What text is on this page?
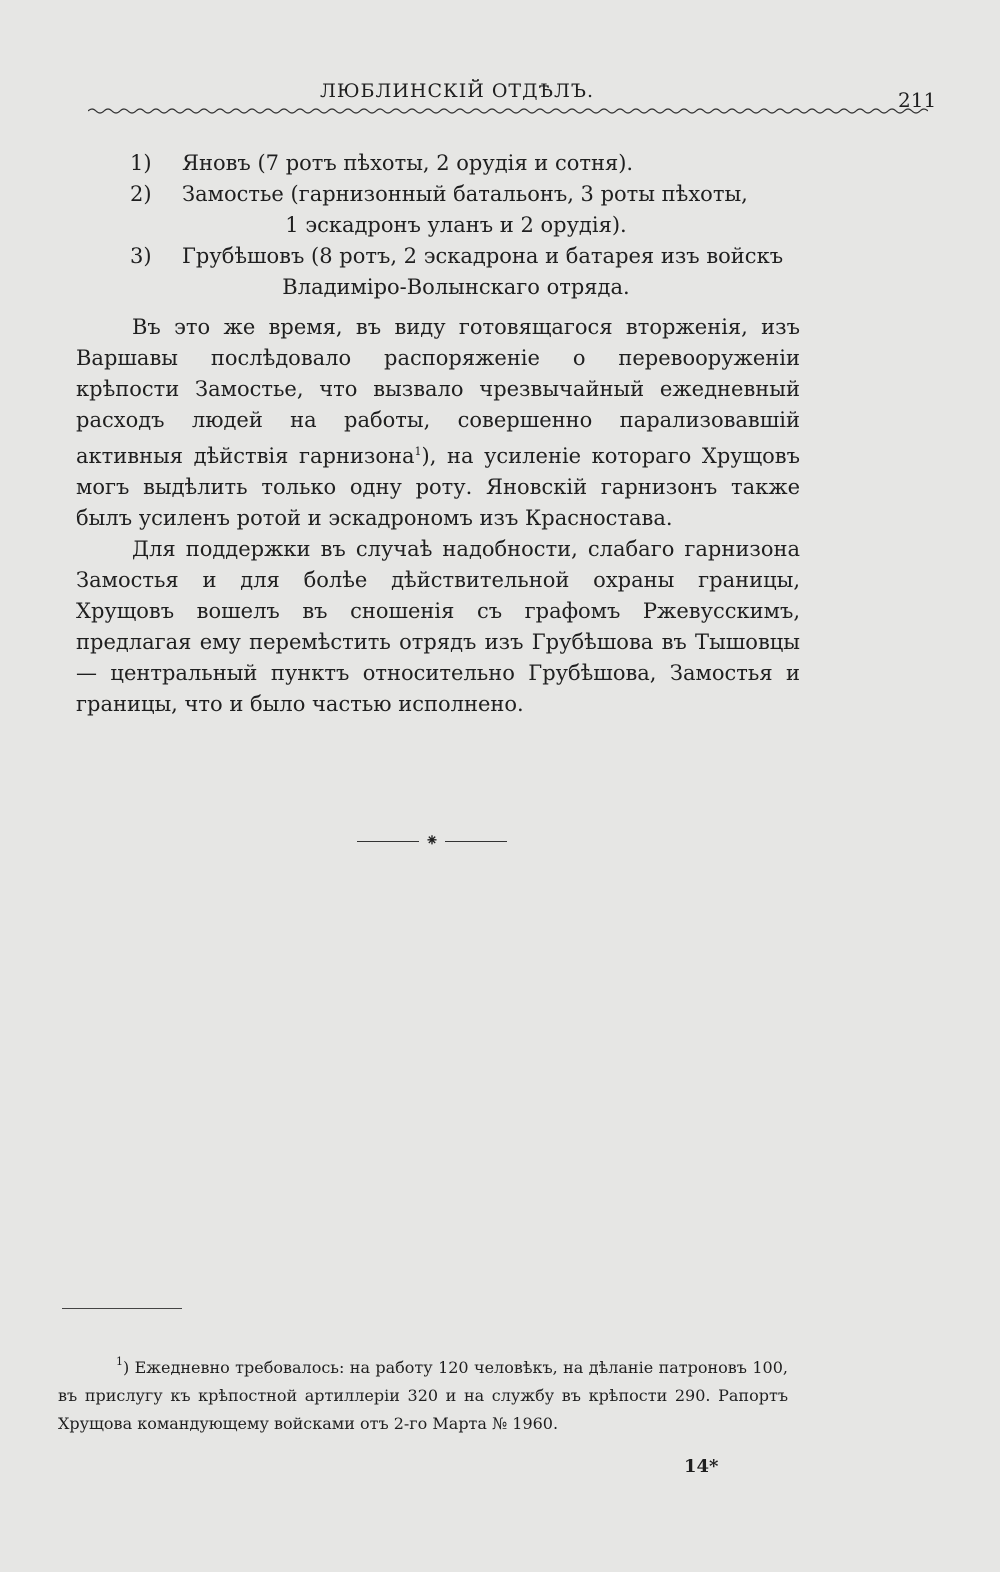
ЛЮБЛИНСКІЙ ОТДѢЛЪ.	211
1)	Яновъ (7 ротъ пѣхоты, 2 орудія и сотня).
2)	Замостье (гарнизонный батальонъ, 3 роты пѣхоты,
1 эскадронъ уланъ и 2 орудія).
3)	Грубѣшовъ (8 ротъ, 2 эскадрона и батарея изъ войскъ
Владиміро-Волынскаго отряда.

Въ это же время, въ виду готовящагося вторженія, изъ Варшавы послѣдовало распоряженіе о перевооруженіи крѣпости Замостье, что вызвало чрезвычайный ежедневный расходъ людей на работы, совершенно парализовавшій активныя дѣйствія гарнизона$^1$), на усиленіе котораго Хрущовъ могъ выдѣлить только одну роту. Яновскій гарнизонъ также былъ усиленъ ротой и эскадрономъ изъ Красностава.

Для поддержки въ случаѣ надобности, слабаго гарнизона Замостья и для болѣе дѣйствительной охраны границы, Хрущовъ вошелъ въ сношенія съ графомъ Ржевусскимъ, предлагая ему перемѣстить отрядъ изъ Грубѣшова въ Тышовцы — центральный пунктъ относительно Грубѣшова, Замостья и границы, что и было частью исполнено.

⁕
$^1$) Ежедневно требовалось: на работу 120 человѣкъ, на дѣланіе патроновъ 100, въ прислугу къ крѣпостной артиллеріи 320 и на службу въ крѣпости 290. Рапортъ Хрущова командующему войсками отъ 2-го Марта № 1960.
14*
